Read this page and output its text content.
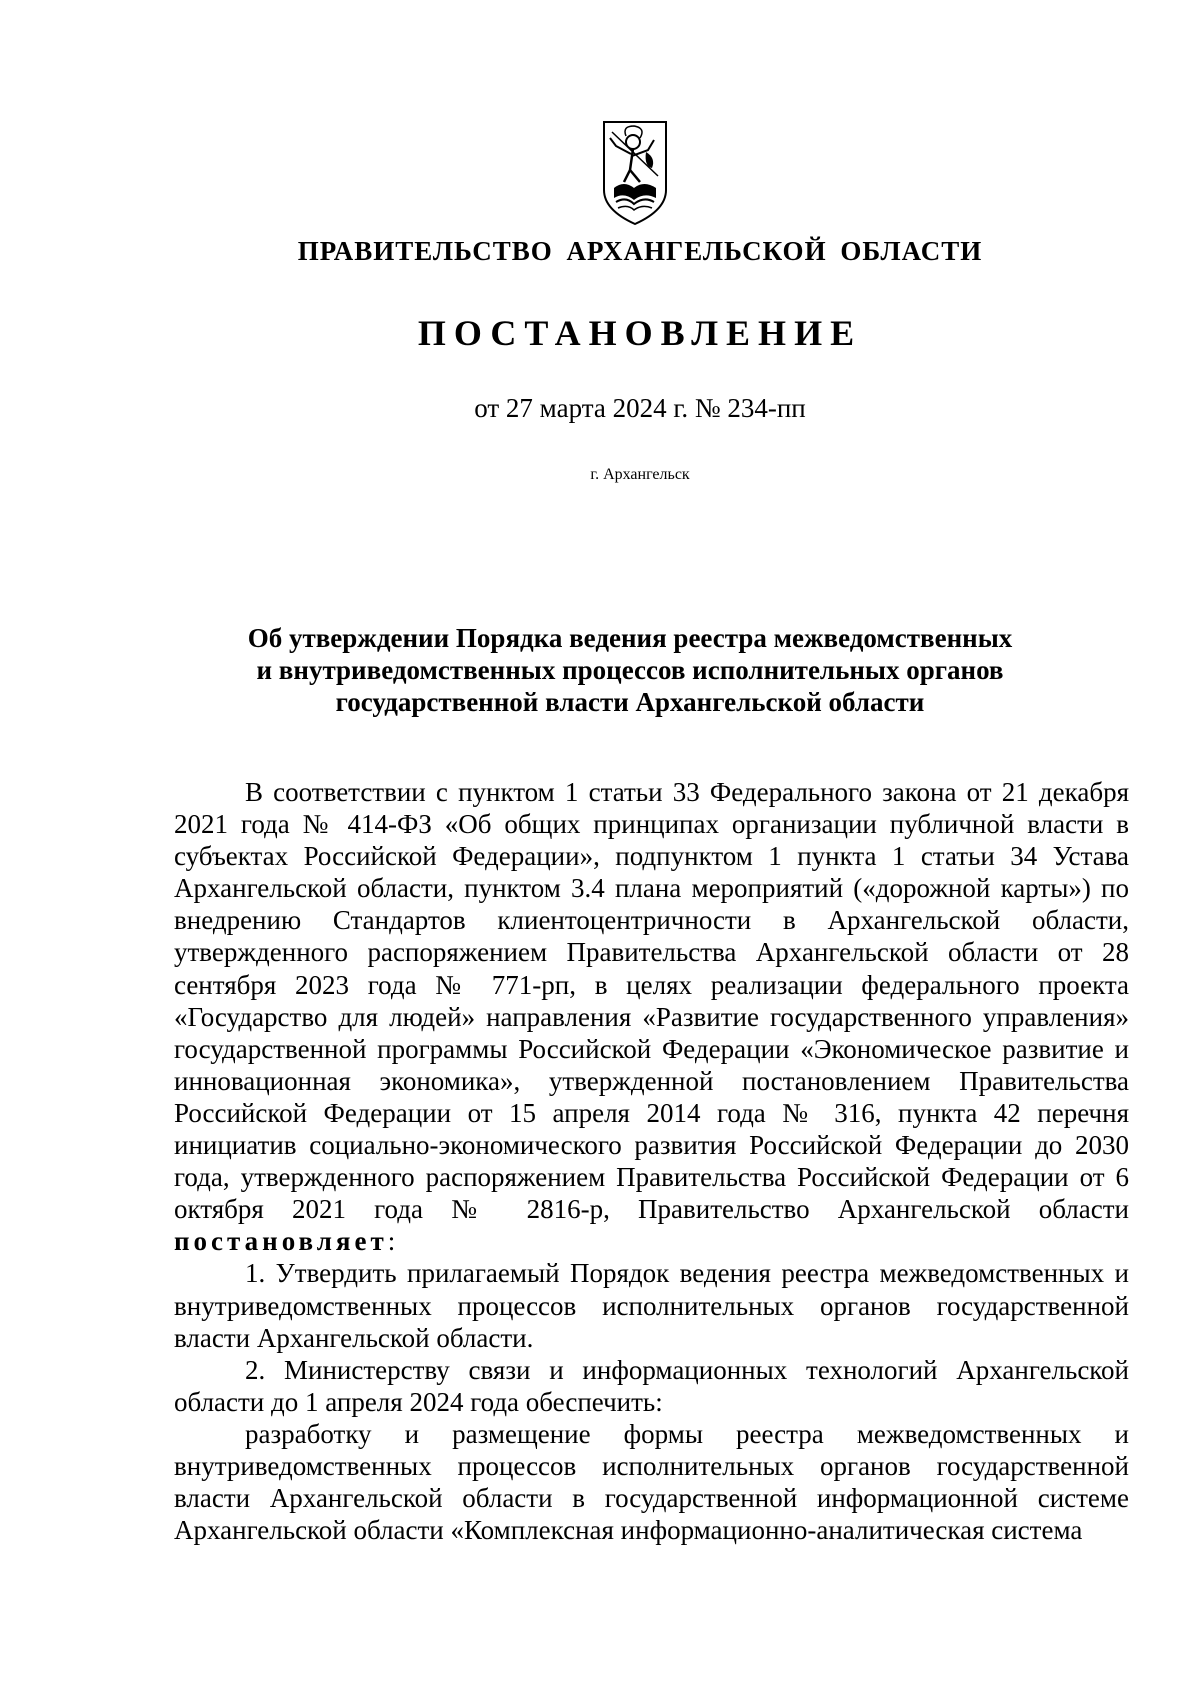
ПРАВИТЕЛЬСТВО АРХАНГЕЛЬСКОЙ ОБЛАСТИ
ПОСТАНОВЛЕНИЕ
от 27 марта 2024 г. № 234-пп
г. Архангельск
Об утверждении Порядка ведения реестра межведомственных
и внутриведомственных процессов исполнительных органов
государственной власти Архангельской области

В соответствии с пунктом 1 статьи 33 Федерального закона от 21 декабря 2021 года № 414-ФЗ «Об общих принципах организации публичной власти в субъектах Российской Федерации», подпунктом 1 пункта 1 статьи 34 Устава Архангельской области, пунктом 3.4 плана мероприятий («дорожной карты») по внедрению Стандартов клиентоцентричности в Архангельской области, утвержденного распоряжением Правительства Архангельской области от 28 сентября 2023 года № 771-рп, в целях реализации федерального проекта «Государство для людей» направления «Развитие государственного управления» государственной программы Российской Федерации «Экономическое развитие и инновационная экономика», утвержденной постановлением Правительства Российской Федерации от 15 апреля 2014 года № 316, пункта 42 перечня инициатив социально-экономического развития Российской Федерации до 2030 года, утвержденного распоряжением Правительства Российской Федерации от 6 октября 2021 года № 2816-р, Правительство Архангельской области постановляет:

1. Утвердить прилагаемый Порядок ведения реестра межведомственных и внутриведомственных процессов исполнительных органов государственной власти Архангельской области.

2. Министерству связи и информационных технологий Архангельской области до 1 апреля 2024 года обеспечить:

разработку и размещение формы реестра межведомственных и внутриведомственных процессов исполнительных органов государственной власти Архангельской области в государственной информационной системе Архангельской области «Комплексная информационно-аналитическая система
